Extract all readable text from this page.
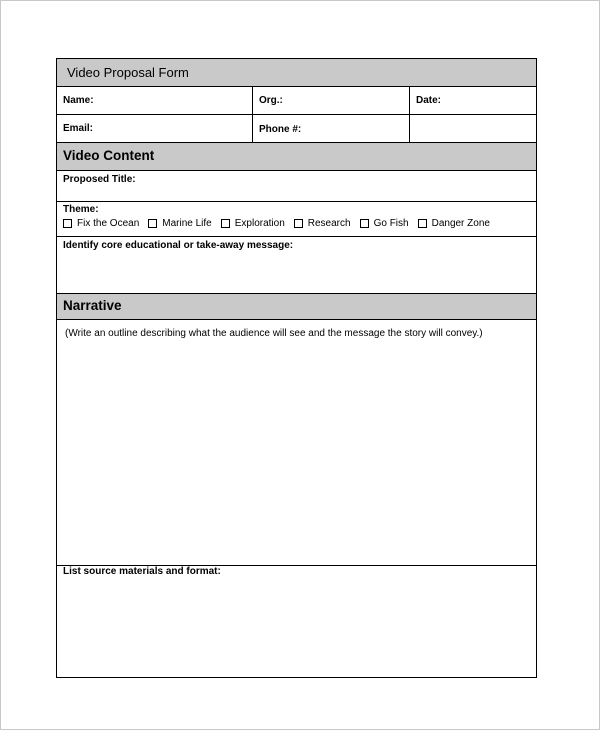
Video Proposal Form
Name:	Org.:	Date:
Email:	Phone #:
Video Content
Proposed Title:
Theme:
Fix the Ocean Marine Life Exploration Research Go Fish Danger Zone
Identify core educational or take-away message:
Narrative
(Write an outline describing what the audience will see and the message the story will convey.)
List source materials and format:
